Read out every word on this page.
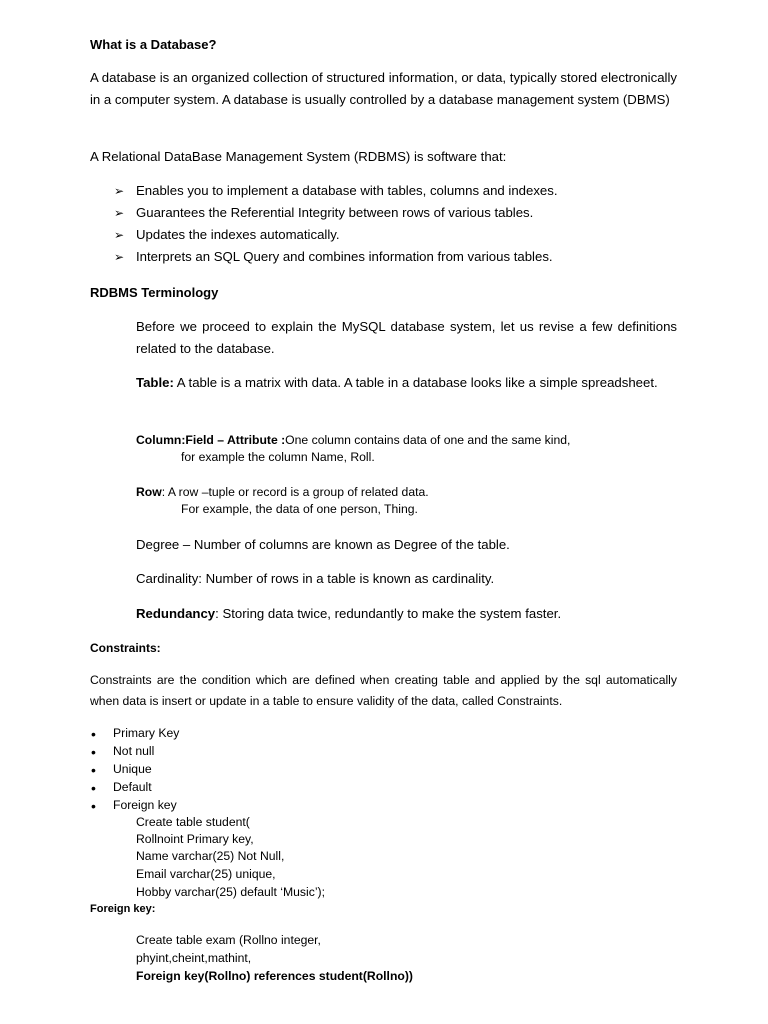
What is a Database?

A database is an organized collection of structured information, or data, typically stored electronically in a computer system. A database is usually controlled by a database management system (DBMS)

A Relational DataBase Management System (RDBMS) is software that:

➢ Enables you to implement a database with tables, columns and indexes.
➢ Guarantees the Referential Integrity between rows of various tables.
➢ Updates the indexes automatically.
➢ Interprets an SQL Query and combines information from various tables.

RDBMS Terminology

Before we proceed to explain the MySQL database system, let us revise a few definitions related to the database.

Table: A table is a matrix with data. A table in a database looks like a simple spreadsheet.

Column:Field – Attribute :One column contains data of one and the same kind,

for example the column Name, Roll.

Row: A row –tuple or record is a group of related data.

For example, the data of one person, Thing.

Degree – Number of columns are known as Degree of the table.

Cardinality: Number of rows in a table is known as cardinality.

Redundancy: Storing data twice, redundantly to make the system faster.

Constraints:

Constraints are the condition which are defined when creating table and applied by the sql automatically when data is insert or update in a table to ensure validity of the data, called Constraints.

• Primary Key
• Not null
• Unique
• Default
• Foreign key

Create table student(

Rollnoint Primary key,

Name varchar(25) Not Null,

Email varchar(25) unique,

Hobby varchar(25) default ‘Music’);

Foreign key:

Create table exam (Rollno integer,

phyint,cheint,mathint,

Foreign key(Rollno) references student(Rollno))
